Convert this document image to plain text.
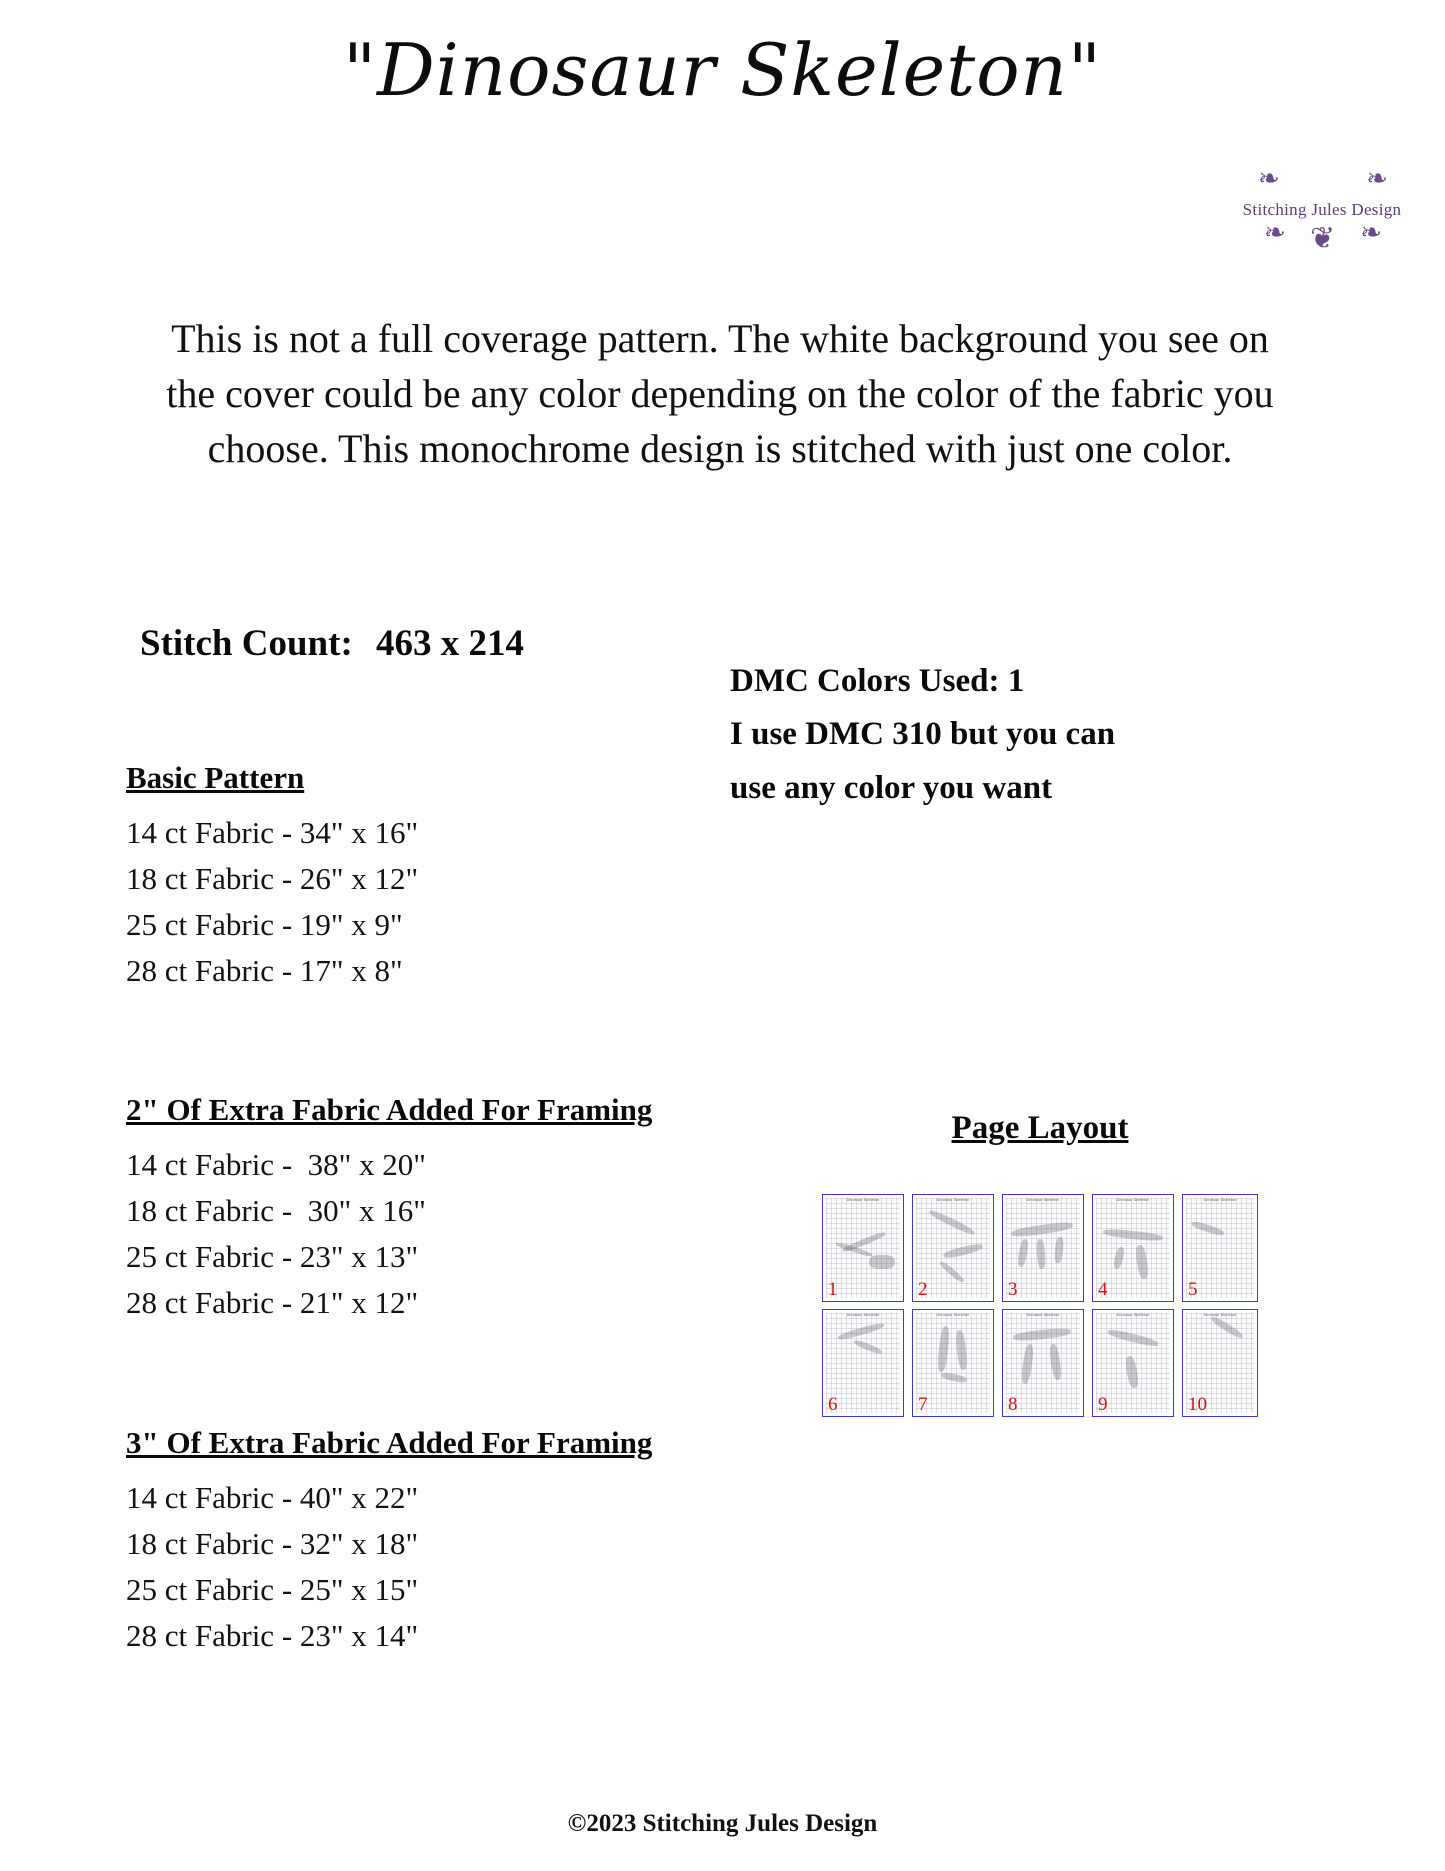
"Dinosaur Skeleton"
❧	❧
❧	❧
❦
Stitching Jules Design
This is not a full coverage pattern. The white background you see on the cover could be any color depending on the color of the fabric you choose. This monochrome design is stitched with just one color.
Stitch Count: 463 x 214
DMC Colors Used: 1
I use DMC 310 but you can
use any color you want
Basic Pattern
14 ct Fabric - 34" x 16"
18 ct Fabric - 26" x 12"
25 ct Fabric - 19" x 9"
28 ct Fabric - 17" x 8"
2" Of Extra Fabric Added For Framing
14 ct Fabric -  38" x 20"
18 ct Fabric -  30" x 16"
25 ct Fabric - 23" x 13"
28 ct Fabric - 21" x 12"
3" Of Extra Fabric Added For Framing
14 ct Fabric - 40" x 22"
18 ct Fabric - 32" x 18"
25 ct Fabric - 25" x 15"
28 ct Fabric - 23" x 14"
Page Layout
Dinosaur Skeleton
1
Dinosaur Skeleton
2
Dinosaur Skeleton
3
Dinosaur Skeleton
4
Dinosaur Skeleton
5
Dinosaur Skeleton
6
Dinosaur Skeleton
7
Dinosaur Skeleton
8
Dinosaur Skeleton
9
Dinosaur Skeleton
10
©2023 Stitching Jules Design
